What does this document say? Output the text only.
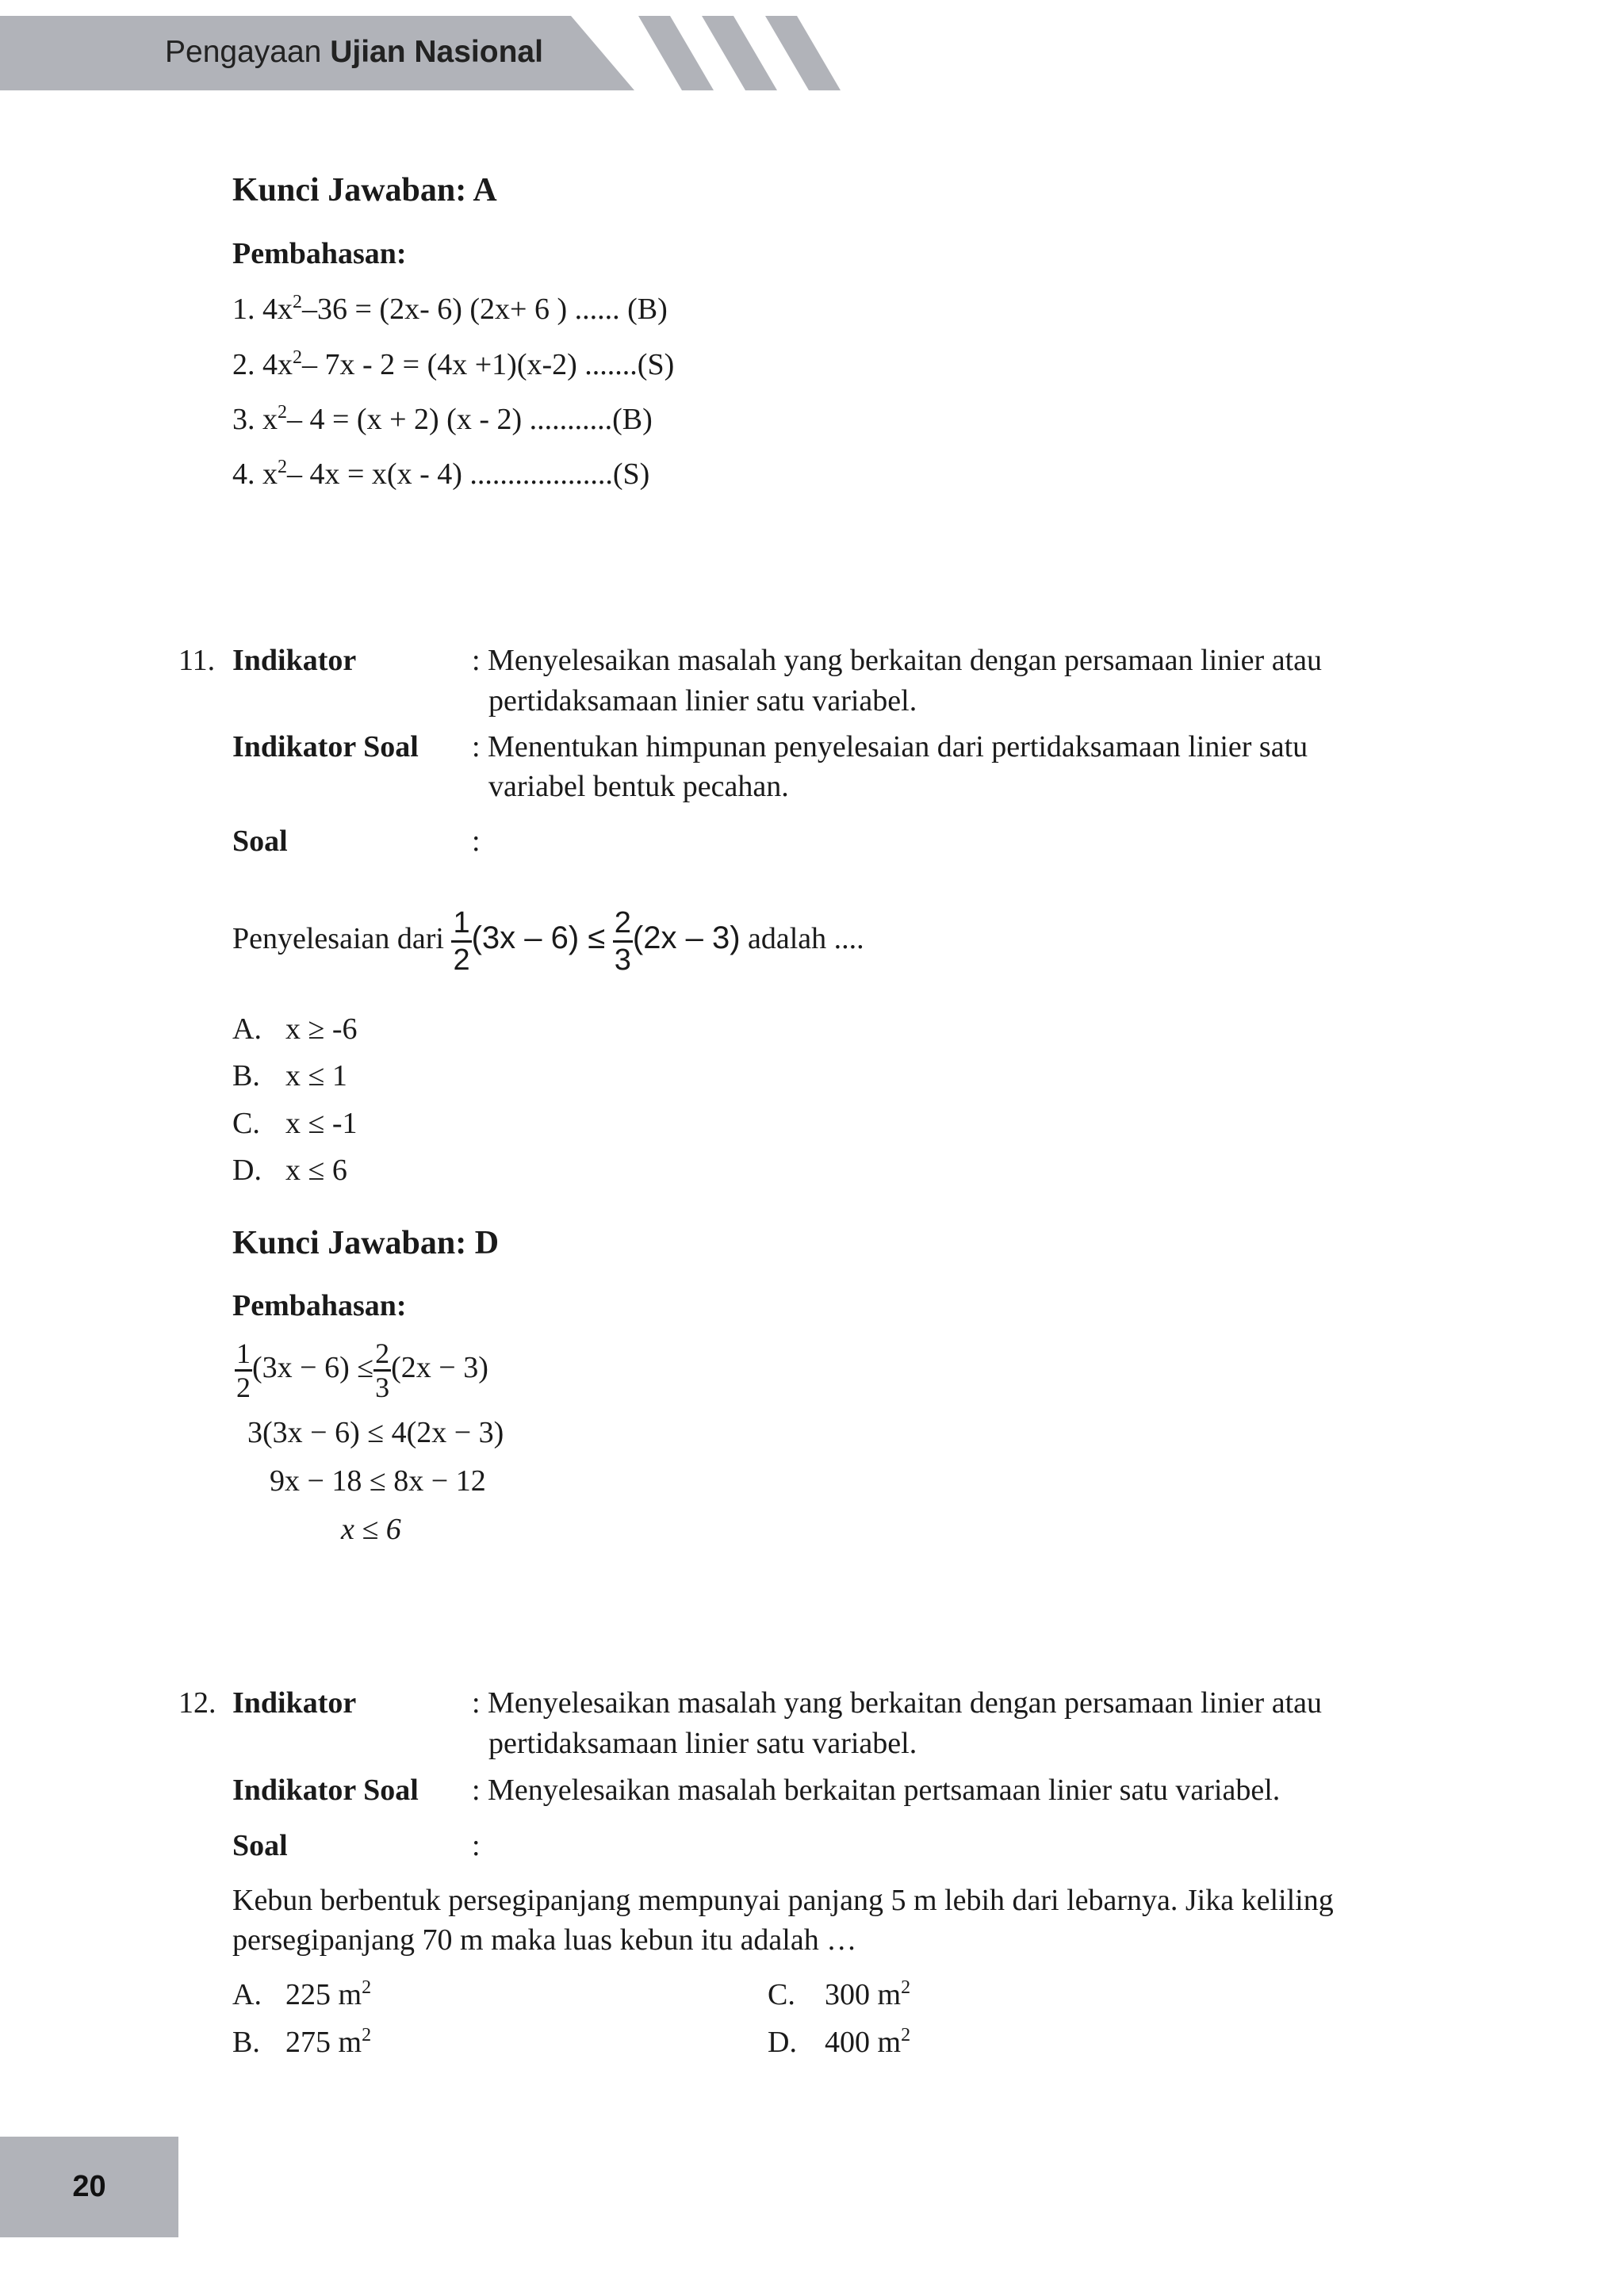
Pengayaan Ujian Nasional
Kunci Jawaban: A
Pembahasan:
1. $4x^2-36 = (2x-$ 6) (2x+ 6 ) ...... (B)
2. $4x^2-$ 7x - 2 = (4x +1)(x-2) .......(S)
3. $x^2-$ 4 = (x + 2) (x - 2) ...........(B)
4. $x^2-$ 4x = x(x - 4) ...................(S)
11. Indikator	: Menyelesaikan masalah yang berkaitan dengan persamaan linier atau
pertidaksamaan linier satu variabel.
Indikator Soal : Menentukan himpunan penyelesaian dari pertidaksamaan linier satu
variabel bentuk pecahan.
Soal	:
Penyelesaian dari $\frac{1}{2} (3x - 6) \le \frac{2}{3} (2x - 3)$ adalah ....
A. x ≥ -6
B. x ≤ 1
C. x ≤ -1
D. x ≤ 6
Kunci Jawaban: D
Pembahasan:
$\frac{1}{2} (3x - 6) \le \frac{2}{3} (2x - 3)$
3(3x − 6) ≤ 4(2x − 3)
9x − 18 ≤ 8x − 12
x ≤ 6
12. Indikator	: Menyelesaikan masalah yang berkaitan dengan persamaan linier atau
pertidaksamaan linier satu variabel.
Indikator Soal : Menyelesaikan masalah berkaitan pertsamaan linier satu variabel.
Soal	:
Kebun berbentuk persegipanjang mempunyai panjang 5 m lebih dari lebarnya. Jika keliling
persegipanjang 70 m maka luas kebun itu adalah …
A. 225 $m^2$
B. 275 $m^2$
C. 300 $m^2$
D. 400 $m^2$
20
